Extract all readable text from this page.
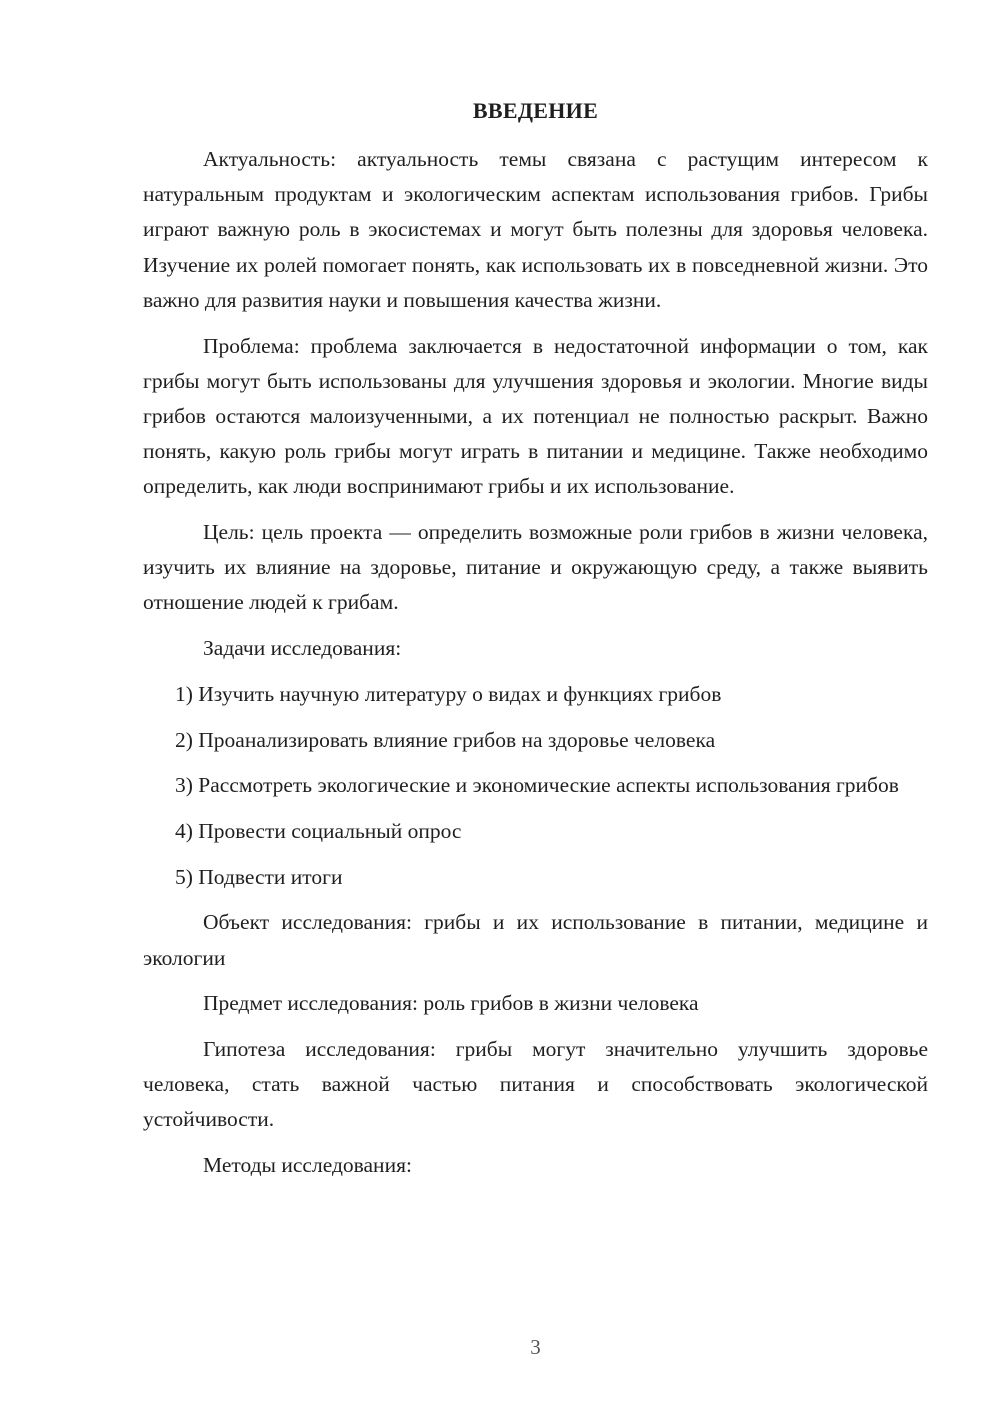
ВВЕДЕНИЕ

Актуальность: актуальность темы связана с растущим интересом к натуральным продуктам и экологическим аспектам использования грибов. Грибы играют важную роль в экосистемах и могут быть полезны для здоровья человека. Изучение их ролей помогает понять, как использовать их в повседневной жизни. Это важно для развития науки и повышения качества жизни.

Проблема: проблема заключается в недостаточной информации о том, как грибы могут быть использованы для улучшения здоровья и экологии. Многие виды грибов остаются малоизученными, а их потенциал не полностью раскрыт. Важно понять, какую роль грибы могут играть в питании и медицине. Также необходимо определить, как люди воспринимают грибы и их использование.

Цель: цель проекта — определить возможные роли грибов в жизни человека, изучить их влияние на здоровье, питание и окружающую среду, а также выявить отношение людей к грибам.

Задачи исследования:

1) Изучить научную литературу о видах и функциях грибов

2) Проанализировать влияние грибов на здоровье человека

3) Рассмотреть экологические и экономические аспекты использования грибов

4) Провести социальный опрос

5) Подвести итоги

Объект исследования: грибы и их использование в питании, медицине и экологии

Предмет исследования: роль грибов в жизни человека

Гипотеза исследования: грибы могут значительно улучшить здоровье человека, стать важной частью питания и способствовать экологической устойчивости.

Методы исследования:

3
